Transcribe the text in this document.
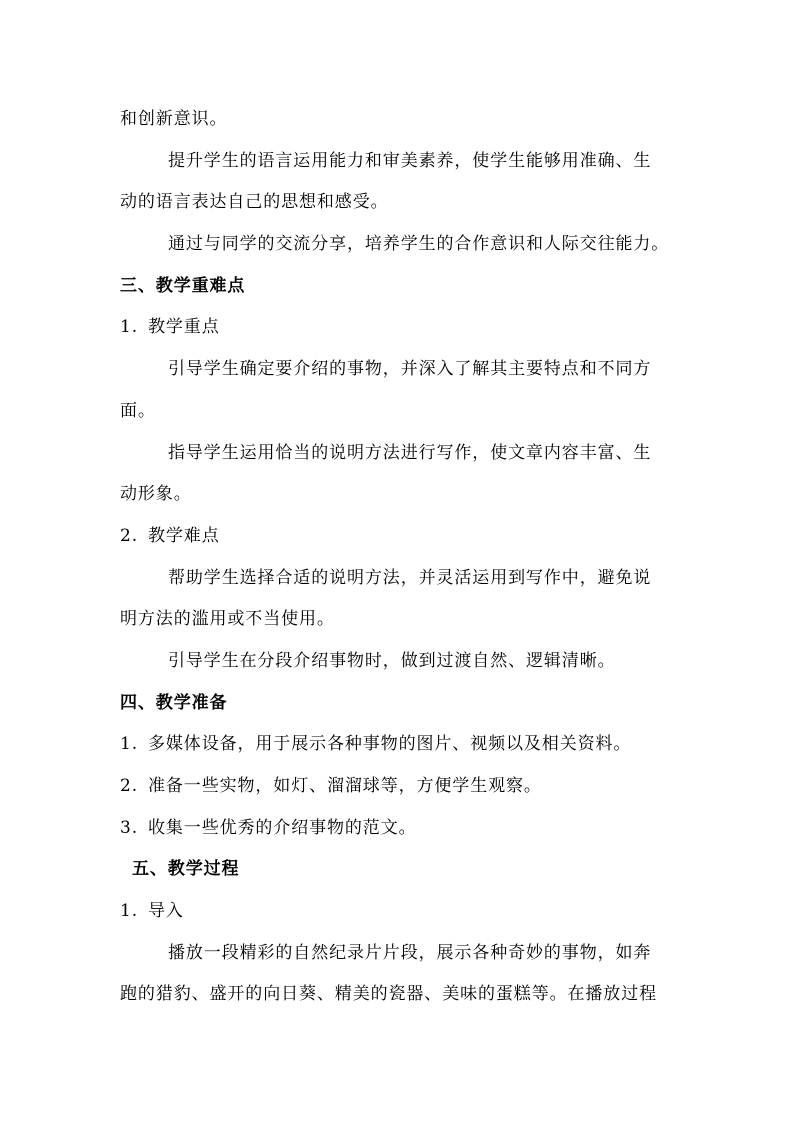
和创新意识。
提升学生的语言运用能力和审美素养，使学生能够用准确、生
动的语言表达自己的思想和感受。
通过与同学的交流分享，培养学生的合作意识和人际交往能力。
三、教学重难点
1. 教学重点
引导学生确定要介绍的事物，并深入了解其主要特点和不同方
面。
指导学生运用恰当的说明方法进行写作，使文章内容丰富、生
动形象。
2. 教学难点
帮助学生选择合适的说明方法，并灵活运用到写作中，避免说
明方法的滥用或不当使用。
引导学生在分段介绍事物时，做到过渡自然、逻辑清晰。
四、教学准备
1. 多媒体设备，用于展示各种事物的图片、视频以及相关资料。
2. 准备一些实物，如灯、溜溜球等，方便学生观察。
3. 收集一些优秀的介绍事物的范文。
五、教学过程
1. 导入
播放一段精彩的自然纪录片片段，展示各种奇妙的事物，如奔
跑的猎豹、盛开的向日葵、精美的瓷器、美味的蛋糕等。在播放过程
